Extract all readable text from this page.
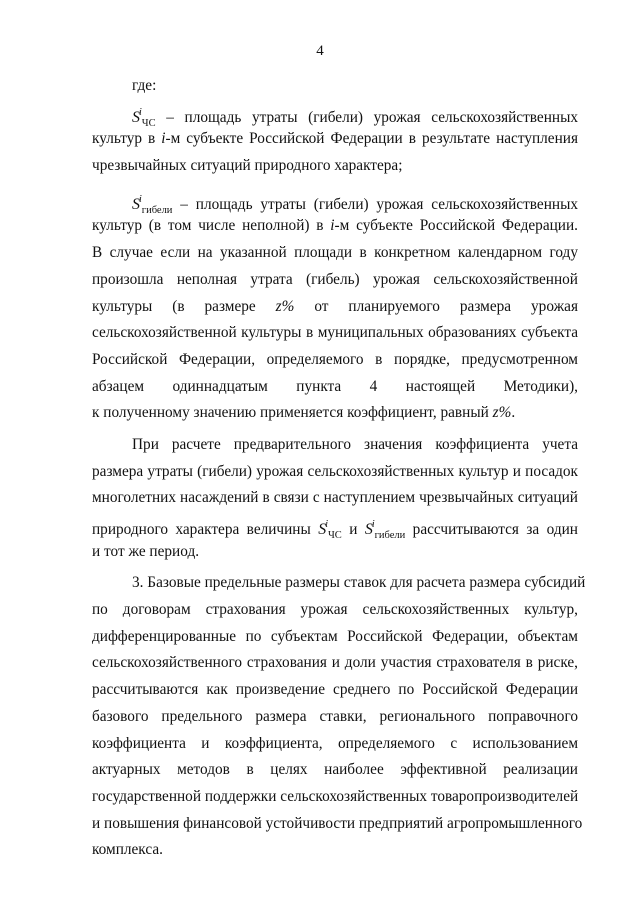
4
где:
$S^i_{ЧС}$ – площадь утраты (гибели) урожая сельскохозяйственных
культур в i-м субъекте Российской Федерации в результате наступления
чрезвычайных ситуаций природного характера;
$S^i_{гибели}$ – площадь утраты (гибели) урожая сельскохозяйственных
культур (в том числе неполной) в i-м субъекте Российской Федерации.
В случае если на указанной площади в конкретном календарном году
произошла неполная утрата (гибель) урожая сельскохозяйственной
культуры (в размере z% от планируемого размера урожая
сельскохозяйственной культуры в муниципальных образованиях субъекта
Российской Федерации, определяемого в порядке, предусмотренном
абзацем одиннадцатым пункта 4 настоящей Методики),
к полученному значению применяется коэффициент, равный z%.
При расчете предварительного значения коэффициента учета
размера утраты (гибели) урожая сельскохозяйственных культур и посадок
многолетних насаждений в связи с наступлением чрезвычайных ситуаций
природного характера величины $S^i_{ЧС}$ и $S^i_{гибели}$ рассчитываются за один
и тот же период.
3. Базовые предельные размеры ставок для расчета размера субсидий
по договорам страхования урожая сельскохозяйственных культур,
дифференцированные по субъектам Российской Федерации, объектам
сельскохозяйственного страхования и доли участия страхователя в риске,
рассчитываются как произведение среднего по Российской Федерации
базового предельного размера ставки, регионального поправочного
коэффициента и коэффициента, определяемого с использованием
актуарных методов в целях наиболее эффективной реализации
государственной поддержки сельскохозяйственных товаропроизводителей
и повышения финансовой устойчивости предприятий агропромышленного
комплекса.
